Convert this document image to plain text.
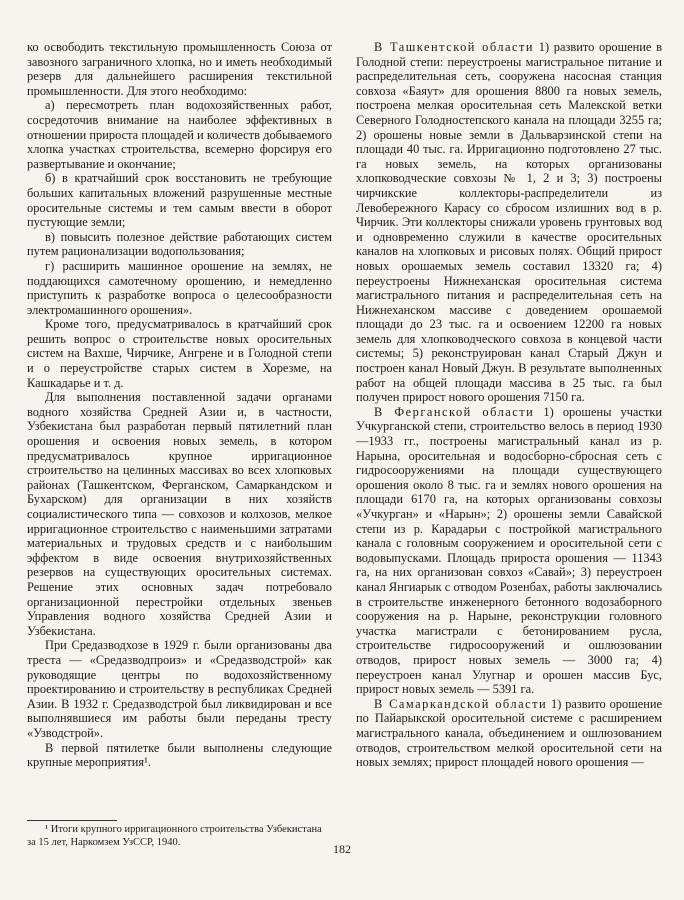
ко освободить текстильную промышленность Союза от завозного заграничного хлопка, но и иметь необходимый резерв для дальнейшего расширения текстильной промышленности. Для этого необходимо:

а) пересмотреть план водохозяйственных работ, сосредоточив внимание на наиболее эффективных в отношении прироста площадей и количеств добываемого хлопка участках строительства, всемерно форсируя его развертывание и окончание;

б) в кратчайший срок восстановить не требующие больших капитальных вложений разрушенные местные оросительные системы и тем самым ввести в оборот пустующие земли;

в) повысить полезное действие работающих систем путем рационализации водопользования;

г) расширить машинное орошение на землях, не поддающихся самотечному орошению, и немедленно приступить к разработке вопроса о целесообразности электромашинного орошения».

Кроме того, предусматривалось в кратчайший срок решить вопрос о строительстве новых оросительных систем на Вахше, Чирчике, Ангрене и в Голодной степи и о переустройстве старых систем в Хорезме, на Кашкадарье и т. д.

Для выполнения поставленной задачи органами водного хозяйства Средней Азии и, в частности, Узбекистана был разработан первый пятилетний план орошения и освоения новых земель, в котором предусматривалось крупное ирригационное строительство на целинных массивах во всех хлопковых районах (Ташкентском, Ферганском, Самаркандском и Бухарском) для организации в них хозяйств социалистического типа — совхозов и колхозов, мелкое ирригационное строительство с наименьшими затратами материальных и трудовых средств и с наибольшим эффектом в виде освоения внутрихозяйственных резервов на существующих оросительных системах. Решение этих основных задач потребовало организационной перестройки отдельных звеньев Управления водного хозяйства Средней Азии и Узбекистана.

При Средазводхозе в 1929 г. были организованы два треста — «Средазводпроиз» и «Средазводстрой» как руководящие центры по водохозяйственному проектированию и строительству в республиках Средней Азии. В 1932 г. Средазводстрой был ликвидирован и все выполнявшиеся им работы были переданы тресту «Узводстрой».

В первой пятилетке были выполнены следующие крупные мероприятия¹.

В Ташкентской области 1) развито орошение в Голодной степи: переустроены магистральное питание и распределительная сеть, сооружена насосная станция совхоза «Баяут» для орошения 8800 га новых земель, построена мелкая оросительная сеть Малекской ветки Северного Голодностепского канала на площади 3255 га; 2) орошены новые земли в Дальварзинской степи на площади 40 тыс. га. Ирригационно подготовлено 27 тыс. га новых земель, на которых организованы хлопководческие совхозы № 1, 2 и 3; 3) построены чирчикские коллекторы-распределители из Левобережного Карасу со сбросом излишних вод в р. Чирчик. Эти коллекторы снижали уровень грунтовых вод и одновременно служили в качестве оросительных каналов на хлопковых и рисовых полях. Общий прирост новых орошаемых земель составил 13320 га; 4) переустроены Нижнеханская оросительная система магистрального питания и распределительная сеть на Нижнеханском массиве с доведением орошаемой площади до 23 тыс. га и освоением 12200 га новых земель для хлопководческого совхоза в концевой части системы; 5) реконструирован канал Старый Джун и построен канал Новый Джун. В результате выполненных работ на общей площади массива в 25 тыс. га был получен прирост нового орошения 7150 га.

В Ферганской области 1) орошены участки Учкурганской степи, строительство велось в период 1930—1933 гг., построены магистральный канал из р. Нарына, оросительная и водосборно-сбросная сеть с гидросооружениями на площади существующего орошения около 8 тыс. га и землях нового орошения на площади 6170 га, на которых организованы совхозы «Учкурган» и «Нарын»; 2) орошены земли Савайской степи из р. Карадарьи с постройкой магистрального канала с головным сооружением и оросительной сети с водовыпусками. Площадь прироста орошения — 11343 га, на них организован совхоз «Савай»; 3) переустроен канал Янгиарык с отводом Розенбах, работы заключались в строительстве инженерного бетонного водозаборного сооружения на р. Нарыне, реконструкции головного участка магистрали с бетонированием русла, строительстве гидросооружений и ошлюзовании отводов, прирост новых земель — 3000 га; 4) переустроен канал Улугнар и орошен массив Бус, прирост новых земель — 5391 га.

В Самаркандской области 1) развито орошение по Пайарыкской оросительной системе с расширением магистрального канала, объединением и ошлюзованием отводов, строительством мелкой оросительной сети на новых землях; прирост площадей нового орошения —

¹ Итоги крупного ирригационного строительства Узбекистана за 15 лет, Наркомзем УзССР, 1940.	182
